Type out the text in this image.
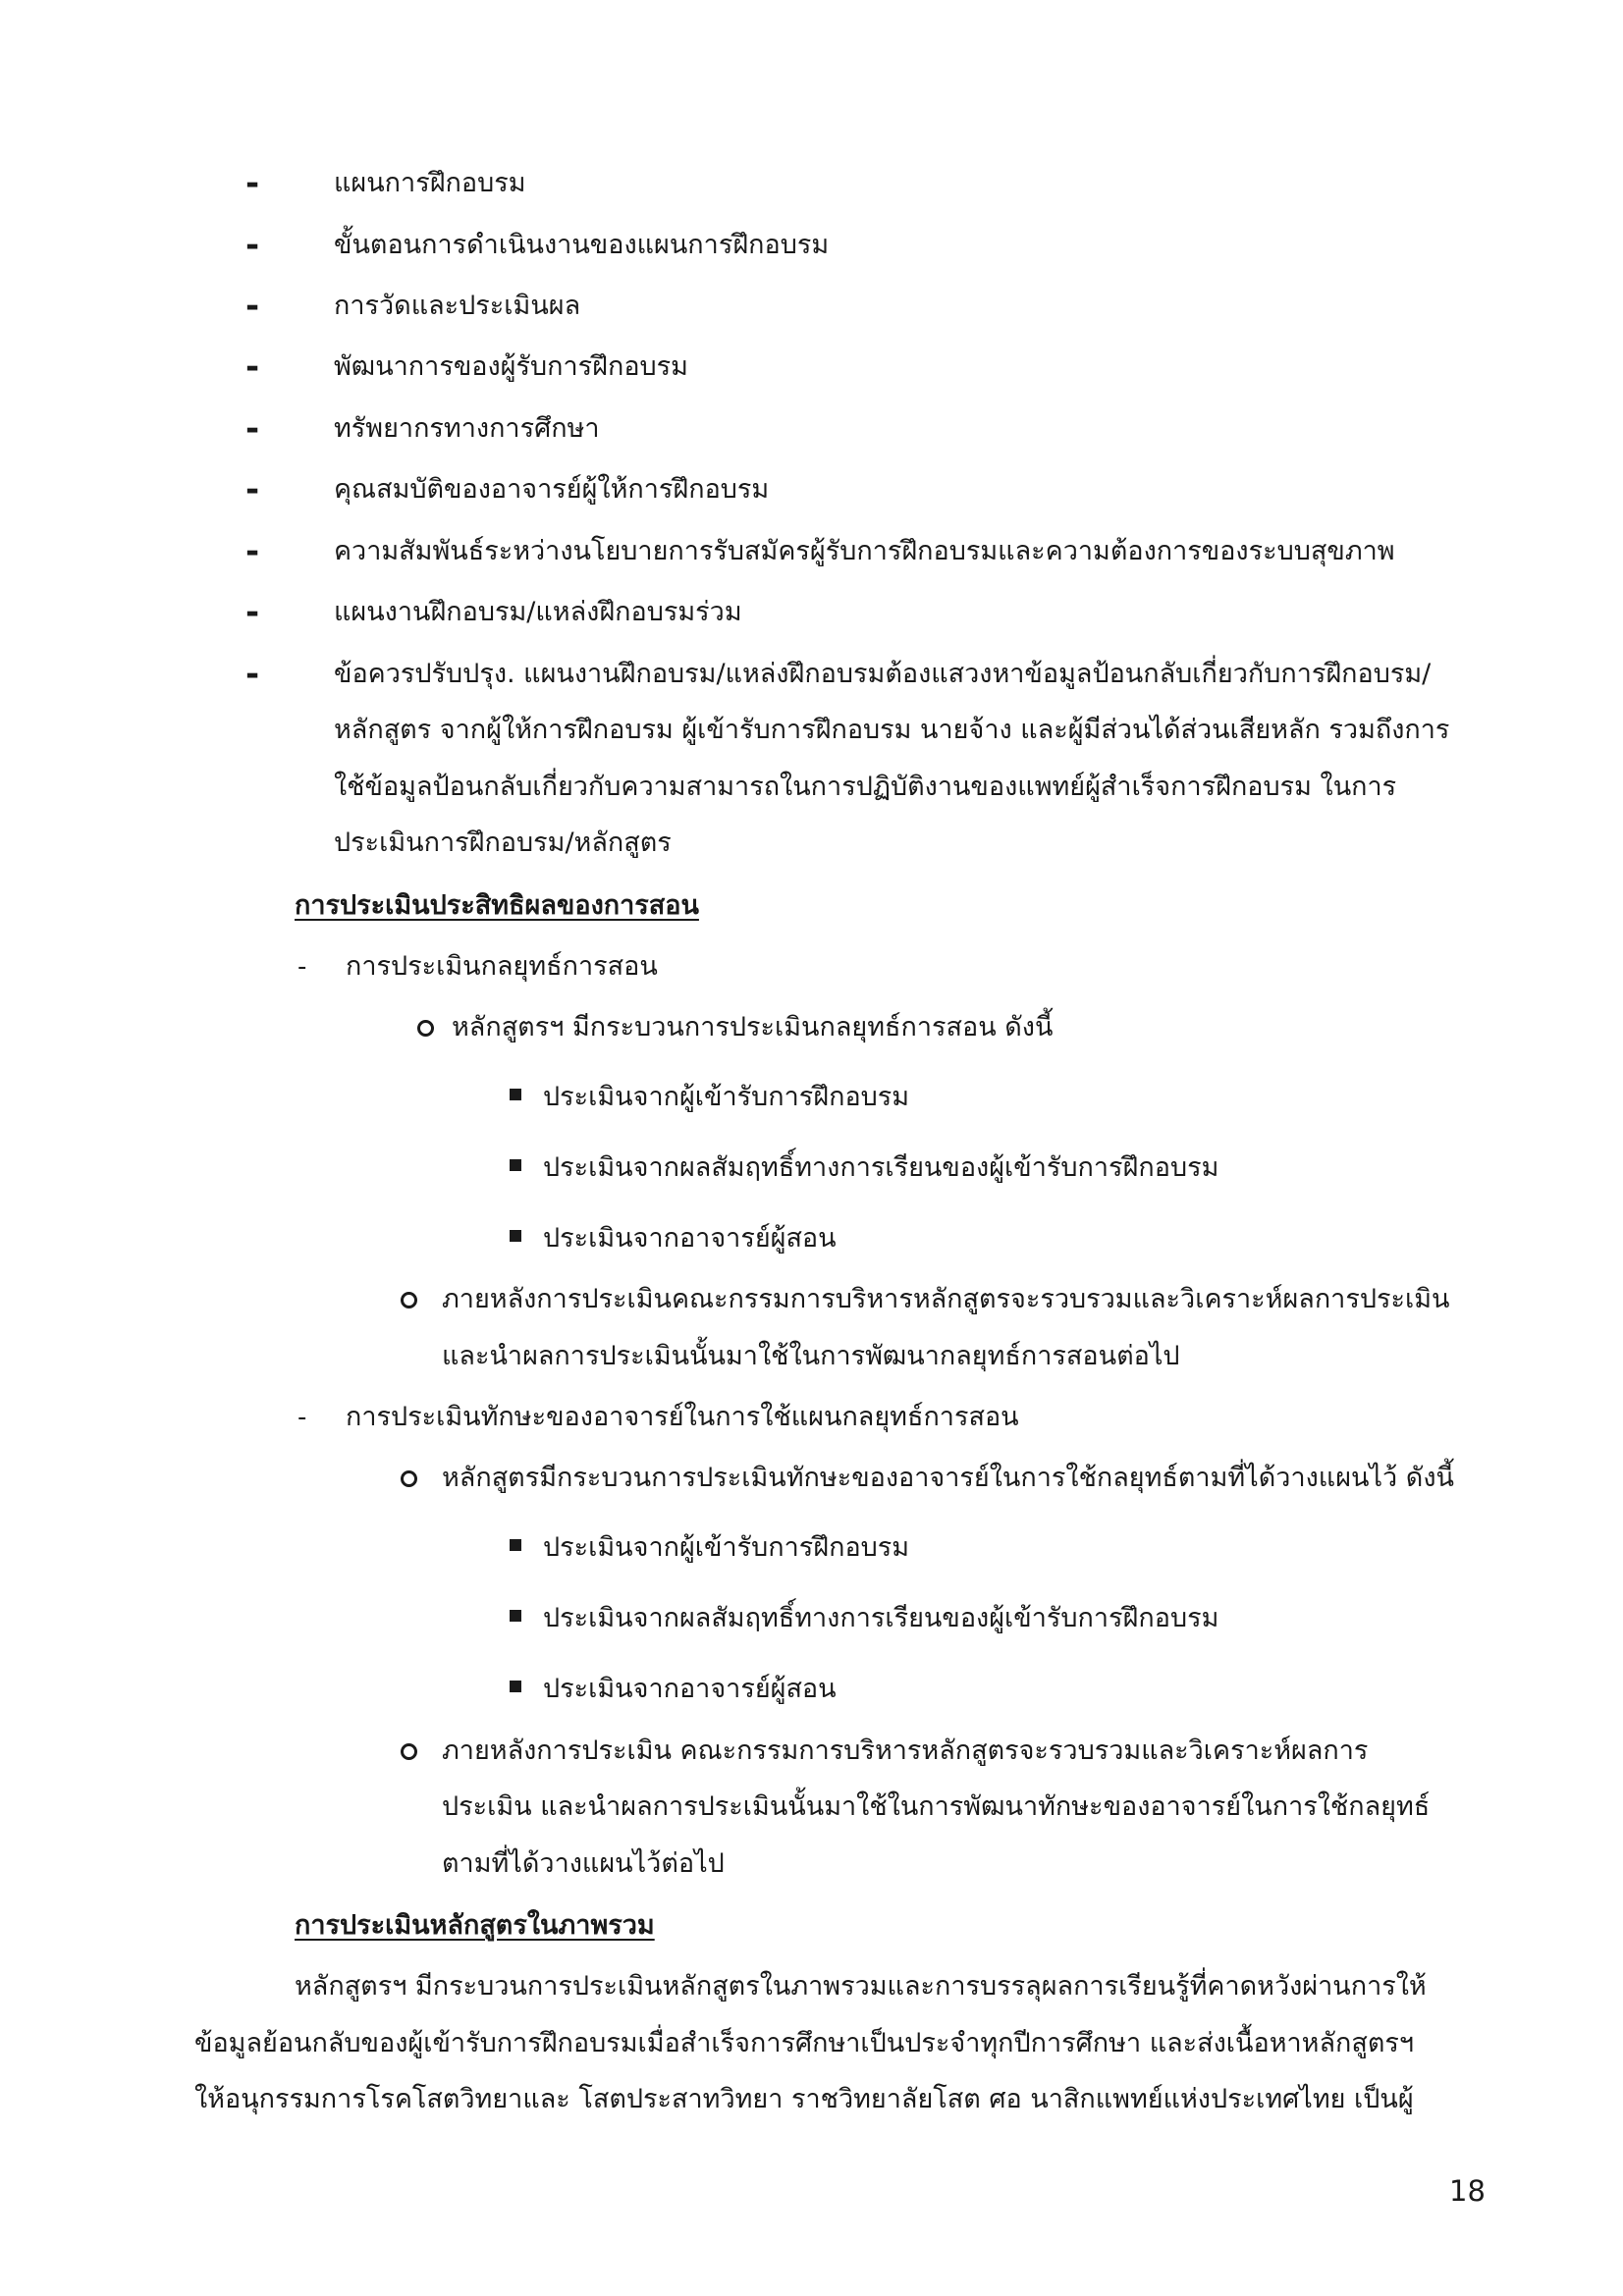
-	แผนการฝึกอบรม
-	ขั้นตอนการดำเนินงานของแผนการฝึกอบรม
-	การวัดและประเมินผล
-	พัฒนาการของผู้รับการฝึกอบรม
-	ทรัพยากรทางการศึกษา
-	คุณสมบัติของอาจารย์ผู้ให้การฝึกอบรม
-	ความสัมพันธ์ระหว่างนโยบายการรับสมัครผู้รับการฝึกอบรมและความต้องการของระบบสุขภาพ
-	แผนงานฝึกอบรม/แหล่งฝึกอบรมร่วม
-	ข้อควรปรับปรุง. แผนงานฝึกอบรม/แหล่งฝึกอบรมต้องแสวงหาข้อมูลป้อนกลับเกี่ยวกับการฝึกอบรม/
หลักสูตร จากผู้ให้การฝึกอบรม ผู้เข้ารับการฝึกอบรม นายจ้าง และผู้มีส่วนได้ส่วนเสียหลัก รวมถึงการ
ใช้ข้อมูลป้อนกลับเกี่ยวกับความสามารถในการปฏิบัติงานของแพทย์ผู้สำเร็จการฝึกอบรม ในการ
ประเมินการฝึกอบรม/หลักสูตร
การประเมินประสิทธิผลของการสอน
- การประเมินกลยุทธ์การสอน
หลักสูตรฯ มีกระบวนการประเมินกลยุทธ์การสอน ดังนี้
ประเมินจากผู้เข้ารับการฝึกอบรม
ประเมินจากผลสัมฤทธิ์ทางการเรียนของผู้เข้ารับการฝึกอบรม
ประเมินจากอาจารย์ผู้สอน
ภายหลังการประเมินคณะกรรมการบริหารหลักสูตรจะรวบรวมและวิเคราะห์ผลการประเมิน
และนำผลการประเมินนั้นมาใช้ในการพัฒนากลยุทธ์การสอนต่อไป
- การประเมินทักษะของอาจารย์ในการใช้แผนกลยุทธ์การสอน
หลักสูตรมีกระบวนการประเมินทักษะของอาจารย์ในการใช้กลยุทธ์ตามที่ได้วางแผนไว้ ดังนี้
ประเมินจากผู้เข้ารับการฝึกอบรม
ประเมินจากผลสัมฤทธิ์ทางการเรียนของผู้เข้ารับการฝึกอบรม
ประเมินจากอาจารย์ผู้สอน
ภายหลังการประเมิน คณะกรรมการบริหารหลักสูตรจะรวบรวมและวิเคราะห์ผลการ
ประเมิน และนำผลการประเมินนั้นมาใช้ในการพัฒนาทักษะของอาจารย์ในการใช้กลยุทธ์
ตามที่ได้วางแผนไว้ต่อไป
การประเมินหลักสูตรในภาพรวม
หลักสูตรฯ มีกระบวนการประเมินหลักสูตรในภาพรวมและการบรรลุผลการเรียนรู้ที่คาดหวังผ่านการให้
ข้อมูลย้อนกลับของผู้เข้ารับการฝึกอบรมเมื่อสำเร็จการศึกษาเป็นประจำทุกปีการศึกษา และส่งเนื้อหาหลักสูตรฯ
ให้อนุกรรมการโรคโสตวิทยาและ โสตประสาทวิทยา ราชวิทยาลัยโสต ศอ นาสิกแพทย์แห่งประเทศไทย เป็นผู้
18
